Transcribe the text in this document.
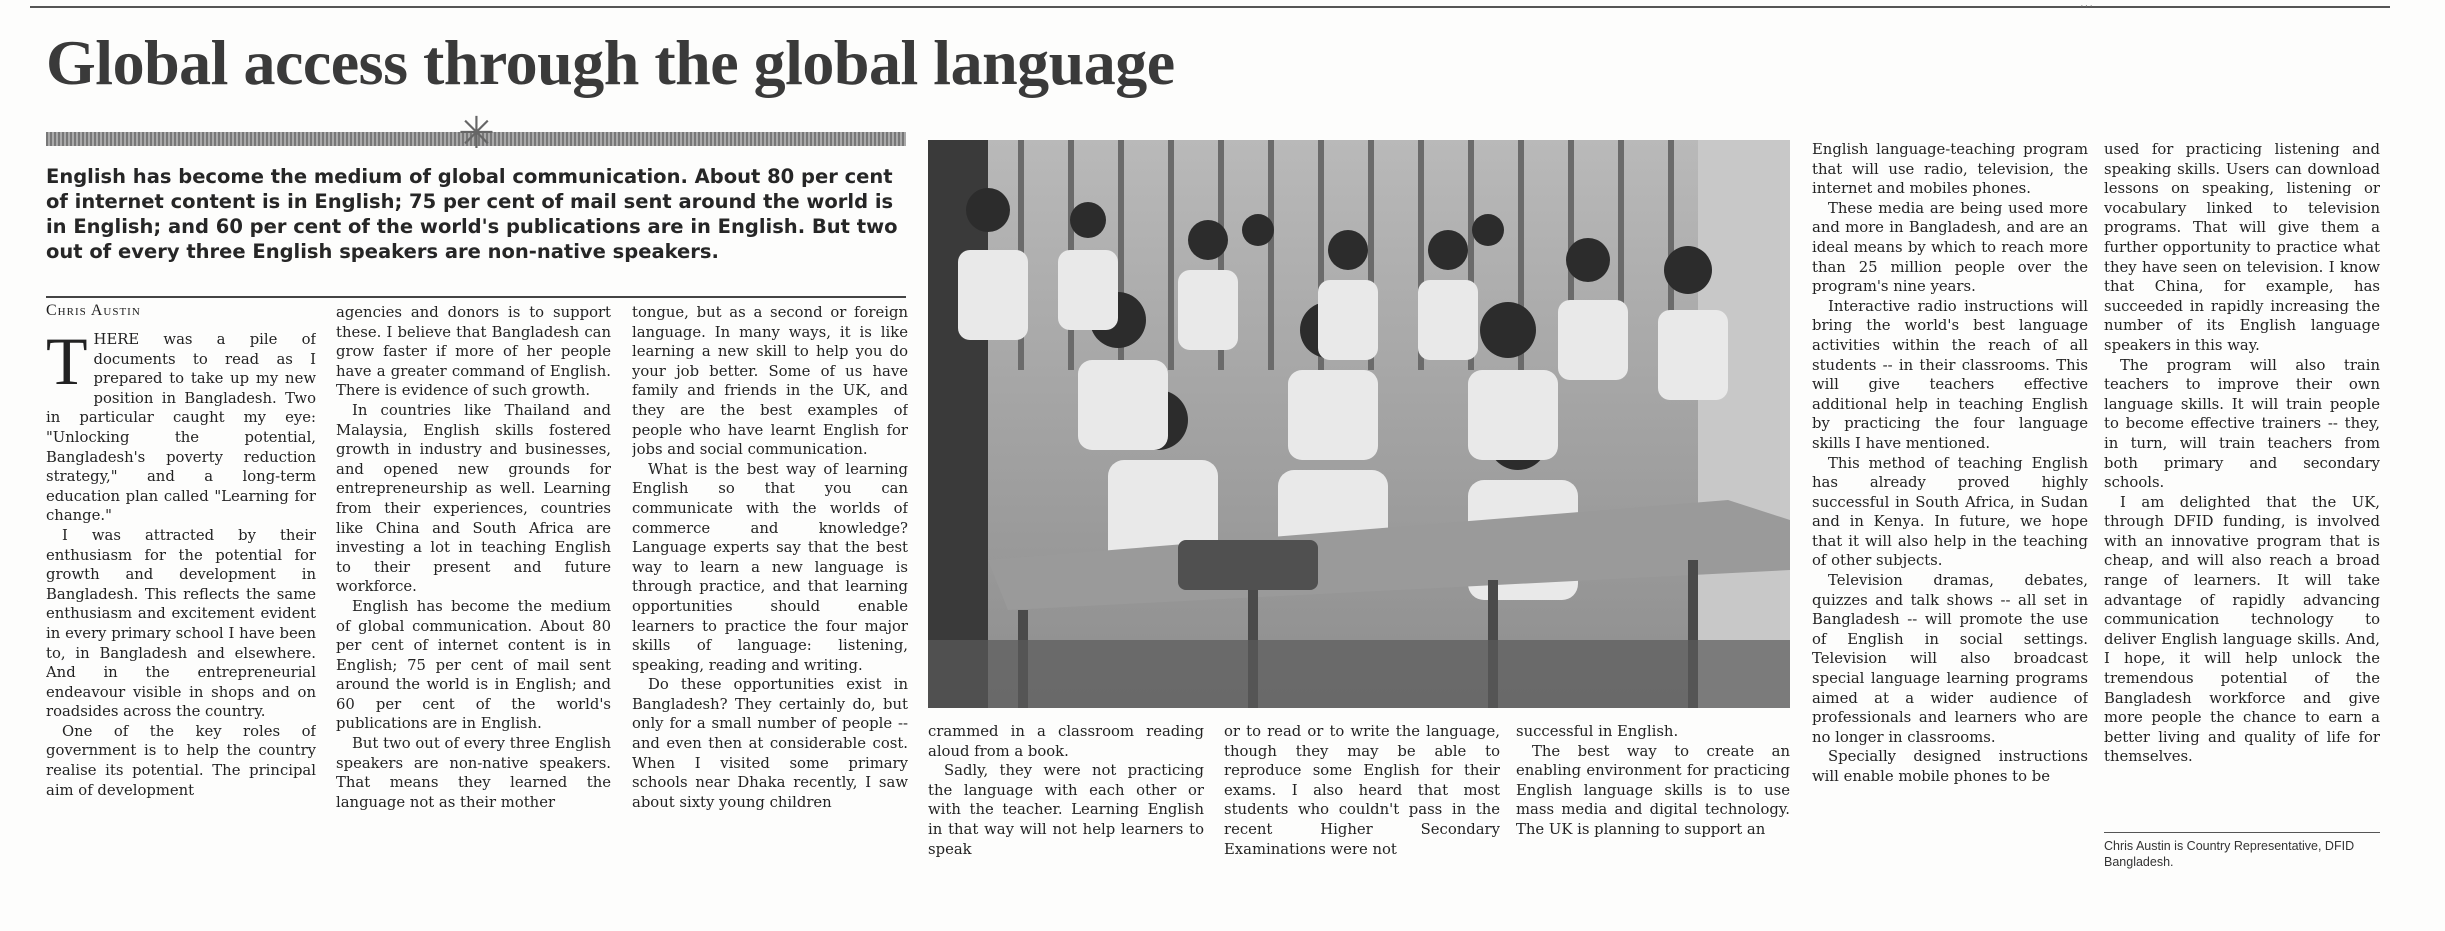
···
Global access through the global language
✳

English has become the medium of global communication. About 80 per cent of internet content is in English; 75 per cent of mail sent around the world is in English; and 60 per cent of the world's publications are in English. But two out of every three English speakers are non-native speakers.

Chris Austin
T HERE was a pile of documents to read as I prepared to take up my new position in Bangladesh. Two in particular caught my eye: "Unlocking the potential, Bangladesh's poverty reduction strategy," and a long-term education plan called "Learning for change."

I was attracted by their enthusiasm for the potential for growth and development in Bangladesh. This reflects the same enthusiasm and excitement evident in every primary school I have been to, in Bangladesh and elsewhere. And in the entrepreneurial endeavour visible in shops and on roadsides across the country.

One of the key roles of government is to help the country realise its potential. The principal aim of development

agencies and donors is to support these. I believe that Bangladesh can grow faster if more of her people have a greater command of English. There is evidence of such growth.

In countries like Thailand and Malaysia, English skills fostered growth in industry and businesses, and opened new grounds for entrepreneurship as well. Learning from their experiences, countries like China and South Africa are investing a lot in teaching English to their present and future workforce.

English has become the medium of global communication. About 80 per cent of internet content is in English; 75 per cent of mail sent around the world is in English; and 60 per cent of the world's publications are in English.

But two out of every three English speakers are non-native speakers. That means they learned the language not as their mother

tongue, but as a second or foreign language. In many ways, it is like learning a new skill to help you do your job better. Some of us have family and friends in the UK, and they are the best examples of people who have learnt English for jobs and social communication.

What is the best way of learning English so that you can communicate with the worlds of commerce and knowledge? Language experts say that the best way to learn a new language is through practice, and that learning opportunities should enable learners to practice the four major skills of language: listening, speaking, reading and writing.

Do these opportunities exist in Bangladesh? They certainly do, but only for a small number of people -- and even then at considerable cost. When I visited some primary schools near Dhaka recently, I saw about sixty young children

crammed in a classroom reading aloud from a book.

Sadly, they were not practicing the language with each other or with the teacher. Learning English in that way will not help learners to speak

or to read or to write the language, though they may be able to reproduce some English for their exams. I also heard that most students who couldn't pass in the recent Higher Secondary Examinations were not

successful in English.

The best way to create an enabling environment for practicing English language skills is to use mass media and digital technology. The UK is planning to support an

English language-teaching program that will use radio, television, the internet and mobiles phones.

These media are being used more and more in Bangladesh, and are an ideal means by which to reach more than 25 million people over the program's nine years.

Interactive radio instructions will bring the world's best language activities within the reach of all students -- in their classrooms. This will give teachers effective additional help in teaching English by practicing the four language skills I have mentioned.

This method of teaching English has already proved highly successful in South Africa, in Sudan and in Kenya. In future, we hope that it will also help in the teaching of other subjects.

Television dramas, debates, quizzes and talk shows -- all set in Bangladesh -- will promote the use of English in social settings. Television will also broadcast special language learning programs aimed at a wider audience of professionals and learners who are no longer in classrooms.

Specially designed instructions will enable mobile phones to be

used for practicing listening and speaking skills. Users can download lessons on speaking, listening or vocabulary linked to television programs. That will give them a further opportunity to practice what they have seen on television. I know that China, for example, has succeeded in rapidly increasing the number of its English language speakers in this way.

The program will also train teachers to improve their own language skills. It will train people to become effective trainers -- they, in turn, will train teachers from both primary and secondary schools.

I am delighted that the UK, through DFID funding, is involved with an innovative program that is cheap, and will also reach a broad range of learners. It will take advantage of rapidly advancing communication technology to deliver English language skills. And, I hope, it will help unlock the tremendous potential of the Bangladesh workforce and give more people the chance to earn a better living and quality of life for themselves.

Chris Austin is Country Representative, DFID Bangladesh.
